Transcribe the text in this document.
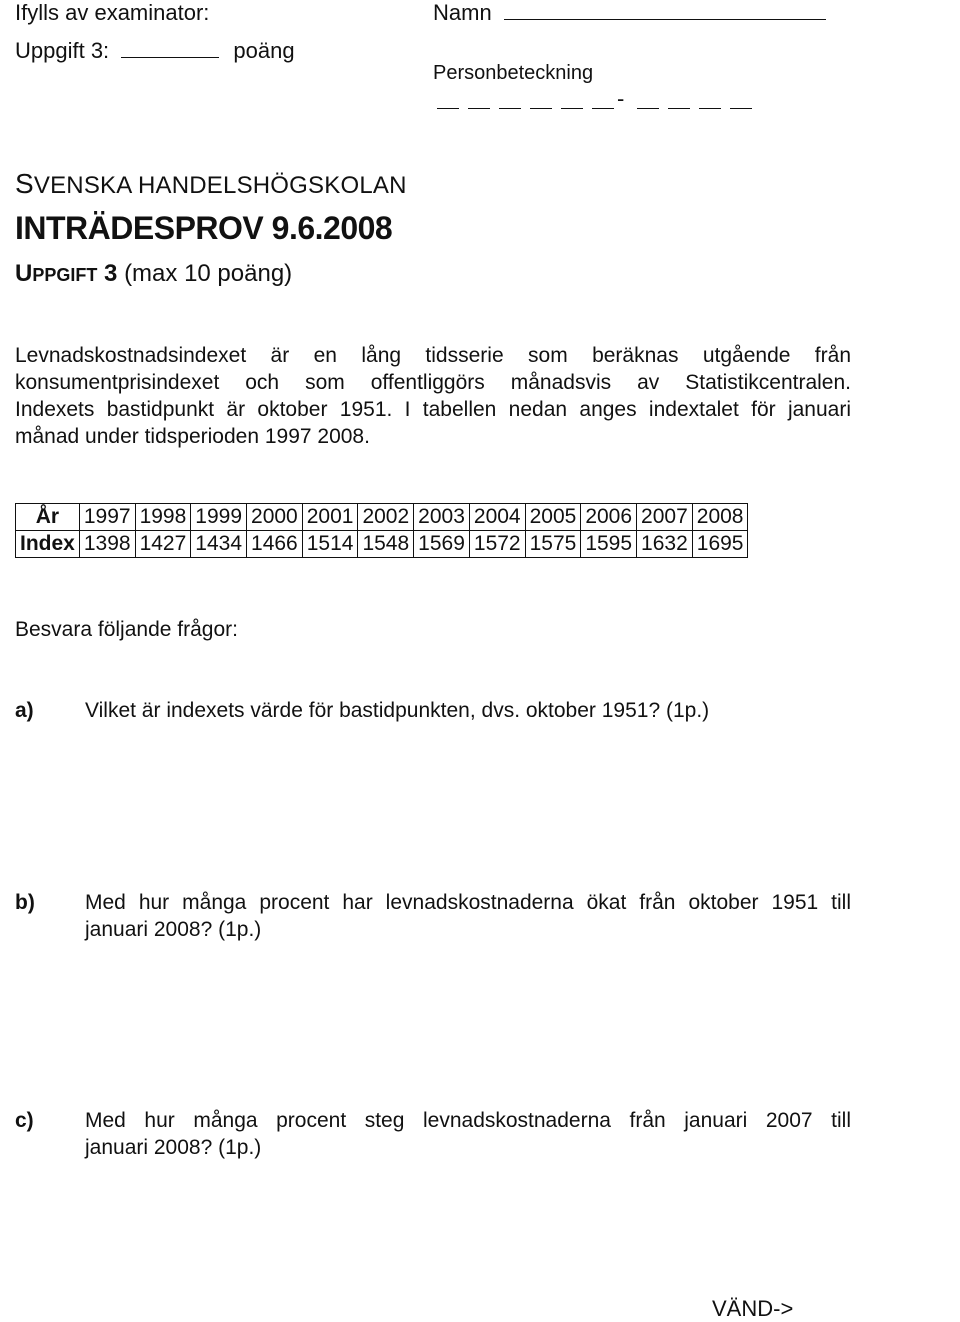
Ifylls av examinator:
Uppgift 3:	poäng
Namn
Personbeteckning
-
SVENSKA HANDELSHÖGSKOLAN
INTRÄDESPROV 9.6.2008
UPPGIFT 3 (max 10 poäng)
Levnadskostnadsindexet är en lång tidsserie som beräknas utgående från
konsumentprisindexet och som offentliggörs månadsvis av Statistikcentralen.
Indexets bastidpunkt är oktober 1951. I tabellen nedan anges indextalet för januari
månad under tidsperioden 1997 2008.
År	1997	1998	1999	2000	2001	2002	2003	2004	2005	2006	2007	2008
Index	1398	1427	1434	1466	1514	1548	1569	1572	1575	1595	1632	1695
Besvara följande frågor:
a) Vilket är indexets värde för bastidpunkten, dvs. oktober 1951? (1p.)
b) Med hur många procent har levnadskostnaderna ökat från oktober 1951 till
januari 2008? (1p.)
c) Med hur många procent steg levnadskostnaderna från januari 2007 till
januari 2008? (1p.)
VÄND->
